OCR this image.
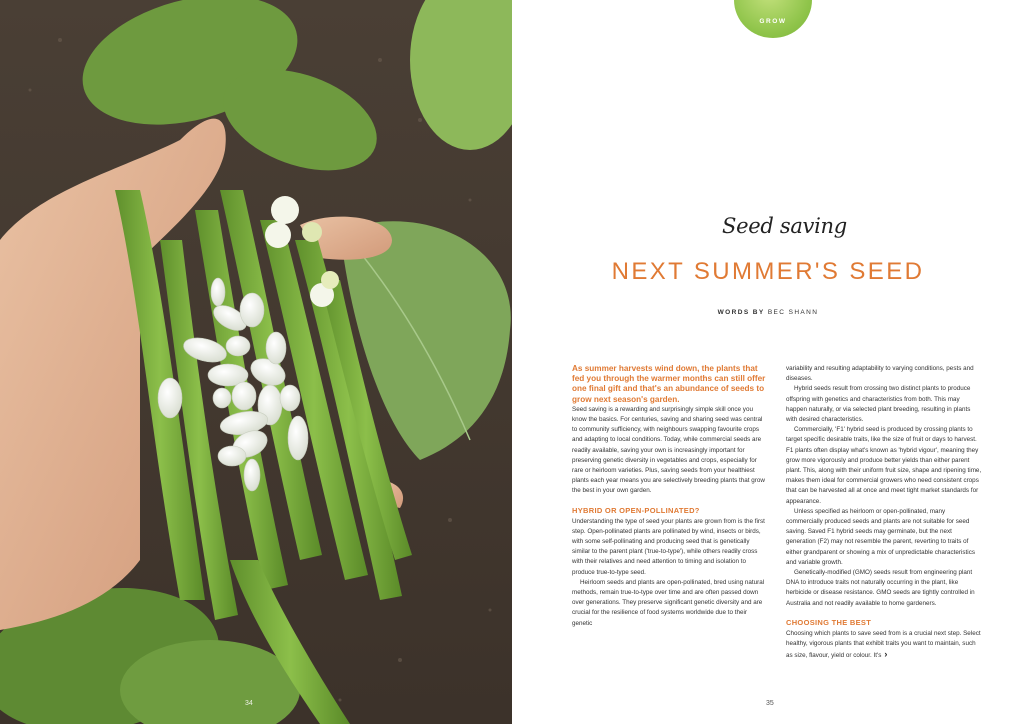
34
GROW
Seed saving
NEXT SUMMER'S SEED
WORDS BY BEC SHANN

As summer harvests wind down, the plants that fed you through the warmer months can still offer one final gift and that's an abundance of seeds to grow next season's garden.

Seed saving is a rewarding and surprisingly simple skill once you know the basics. For centuries, saving and sharing seed was central to community sufficiency, with neighbours swapping favourite crops and adapting to local conditions. Today, while commercial seeds are readily available, saving your own is increasingly important for preserving genetic diversity in vegetables and crops, especially for rare or heirloom varieties. Plus, saving seeds from your healthiest plants each year means you are selectively breeding plants that grow the best in your own garden.

HYBRID OR OPEN-POLLINATED?

Understanding the type of seed your plants are grown from is the first step. Open-pollinated plants are pollinated by wind, insects or birds, with some self-pollinating and producing seed that is genetically similar to the parent plant ('true-to-type'), while others readily cross with their relatives and need attention to timing and isolation to produce true-to-type seed.

Heirloom seeds and plants are open-pollinated, bred using natural methods, remain true-to-type over time and are often passed down over generations. They preserve significant genetic diversity and are crucial for the resilience of food systems worldwide due to their genetic

variability and resulting adaptability to varying conditions, pests and diseases.

Hybrid seeds result from crossing two distinct plants to produce offspring with genetics and characteristics from both. This may happen naturally, or via selected plant breeding, resulting in plants with desired characteristics.

Commercially, 'F1' hybrid seed is produced by crossing plants to target specific desirable traits, like the size of fruit or days to harvest. F1 plants often display what's known as 'hybrid vigour', meaning they grow more vigorously and produce better yields than either parent plant. This, along with their uniform fruit size, shape and ripening time, makes them ideal for commercial growers who need consistent crops that can be harvested all at once and meet tight market standards for appearance.

Unless specified as heirloom or open-pollinated, many commercially produced seeds and plants are not suitable for seed saving. Saved F1 hybrid seeds may germinate, but the next generation (F2) may not resemble the parent, reverting to traits of either grandparent or showing a mix of unpredictable characteristics and variable growth.

Genetically-modified (GMO) seeds result from engineering plant DNA to introduce traits not naturally occurring in the plant, like herbicide or disease resistance. GMO seeds are tightly controlled in Australia and not readily available to home gardeners.

CHOOSING THE BEST

Choosing which plants to save seed from is a crucial next step. Select healthy, vigorous plants that exhibit traits you want to maintain, such as size, flavour, yield or colour. It's ›

35
